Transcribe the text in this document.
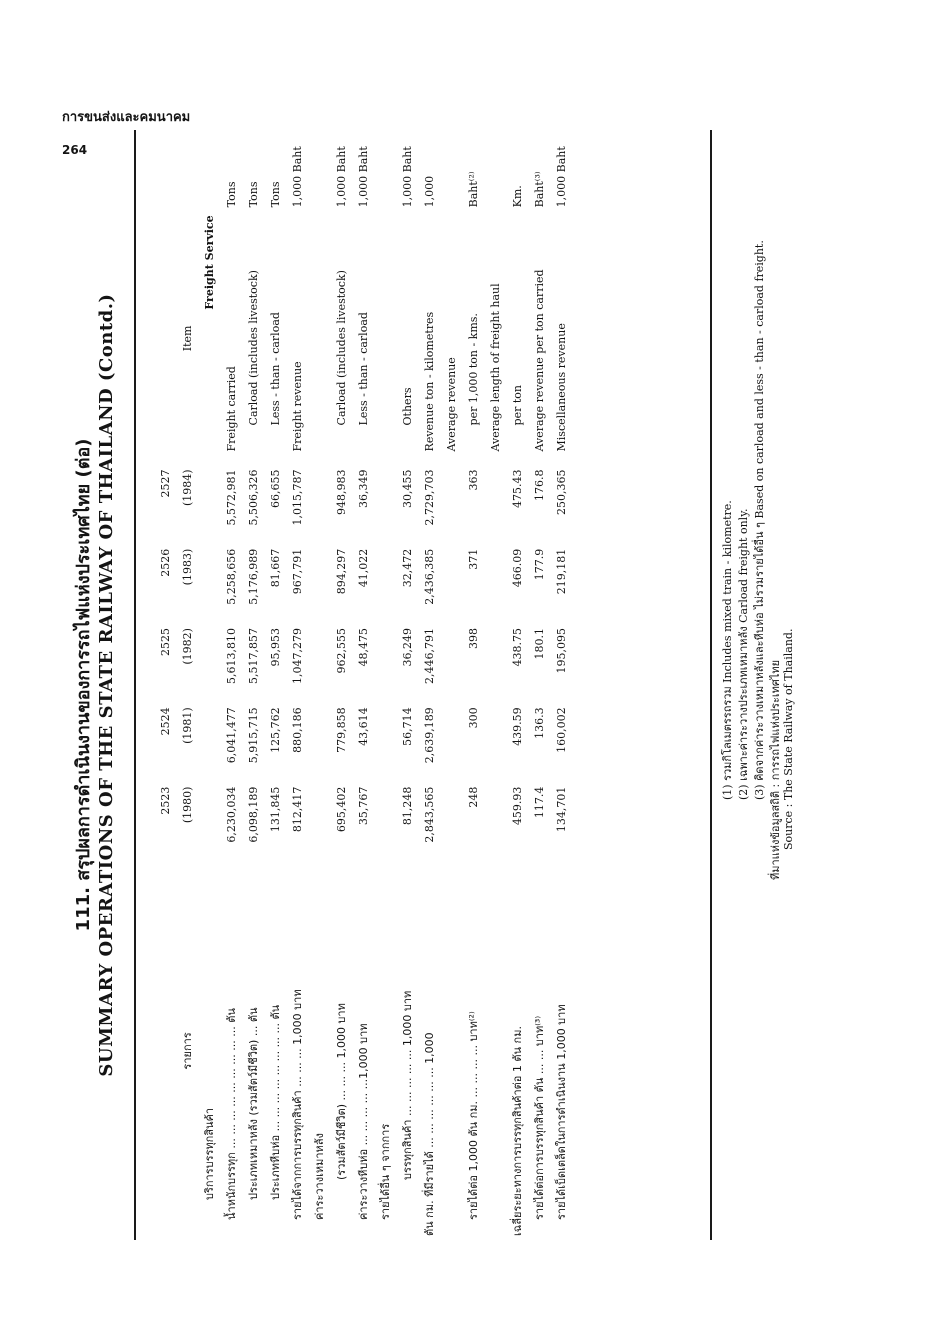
การขนส่งและคมนาคม
264
111. สรุปผลการดำเนินงานของการรถไฟแห่งประเทศไทย (ต่อ) SUMMARY OPERATIONS OF THE STATE RAILWAY OF THAILAND (Contd.)
		2523	2524	2525	2526	2527		
รายการ	(1980)	(1981)	(1982)	(1983)	(1984)	Item	
บริการบรรทุกสินค้า						Freight Service	
น้ำหนักบรรทุก ... ... ... ... ... ... ... ... ... ตัน	6,230,034	6,041,477	5,613,810	5,258,656	5,572,981	Freight carried	Tons
ประเภทเหมาหลัง (รวมสัตว์มีชีวิต) ... ตัน	6,098,189	5,915,715	5,517,857	5,176,989	5,506,326	Carload (includes livestock)	Tons
ประเภทหีบห่อ ... ... ... ... ... ... ... ... ตัน	131,845	125,762	95,953	81,667	66,655	Less - than - carload	Tons
รายได้จากการบรรทุกสินค้า ... ... ... 1,000 บาท	812,417	880,186	1,047,279	967,791	1,015,787	Freight revenue	1,000 Baht
ค่าระวางเหมาหลัง							
(รวมสัตว์มีชีวิต) ... ... ... 1,000 บาท	695,402	779,858	962,555	894,297	948,983	Carload (includes livestock)	1,000 Baht
ค่าระวางหีบห่อ ... ... ... ... ...1,000 บาท	35,767	43,614	48,475	41,022	36,349	Less - than - carload	1,000 Baht
รายได้อื่น ๆ จากการ							
บรรทุกสินค้า ... ... ... ... ... 1,000 บาท	81,248	56,714	36,249	32,472	30,455	Others	1,000 Baht
ตัน กม. ที่มีรายได้ ... ... ... ... ... ... 1,000	2,843,565	2,639,189	2,446,791	2,436,385	2,729,703	Revenue ton - kilometres	1,000
						Average revenue	
รายได้ต่อ 1,000 ตัน กม. ... ... ... ... บาท⁽²⁾	248	300	398	371	363	per 1,000 ton - kms.	Baht⁽²⁾
						Average length of freight haul	
เฉลี่ยระยะทางการบรรทุกสินค้าต่อ 1 ตัน กม.	459.93	439.59	438.75	466.09	475.43	per ton	Km.
รายได้ต่อการบรรทุกสินค้า ตัน ... ... บาท⁽³⁾	117.4	136.3	180.1	177.9	176.8	Average revenue per ton carried	Baht⁽³⁾
รายได้เบ็ดเตล็ดในการดำเนินงาน 1,000 บาท	134,701	160,002	195,095	219,181	250,365	Miscellaneous revenue	1,000 Baht
(1) รวมกิโลเมตรรถรวม Includes mixed train - kilometre. (2) เฉพาะค่าระวางประเภทเหมาหลัง Carload freight only. (3) คิดจากค่าระวางเหมาหลังและหีบห่อ ไม่รวมรายได้อื่น ๆ Based on carload and less - than - carload freight. ที่มาแห่งข้อมูลสถิติ : การรถไฟแห่งประเทศไทย Source : The State Railway of Thailand.
